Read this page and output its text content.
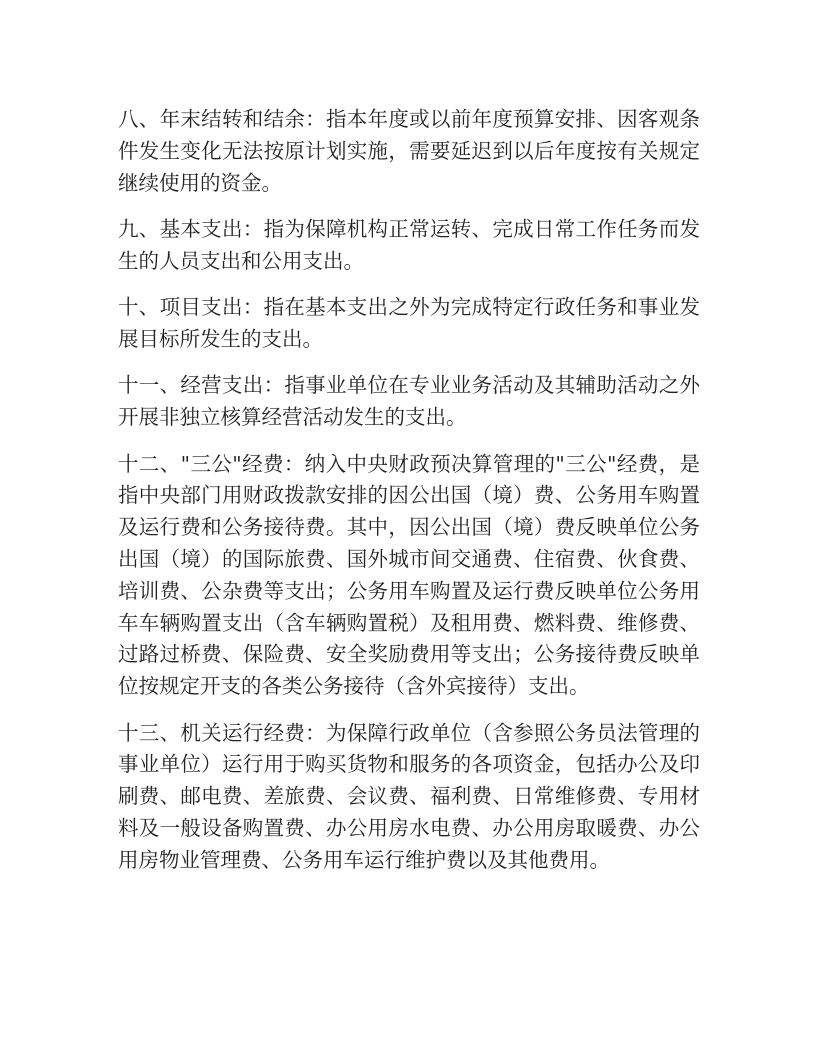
八、年末结转和结余：指本年度或以前年度预算安排、因客观条件发生变化无法按原计划实施，需要延迟到以后年度按有关规定继续使用的资金。

九、基本支出：指为保障机构正常运转、完成日常工作任务而发生的人员支出和公用支出。

十、项目支出：指在基本支出之外为完成特定行政任务和事业发展目标所发生的支出。

十一、经营支出：指事业单位在专业业务活动及其辅助活动之外开展非独立核算经营活动发生的支出。

十二、"三公"经费：纳入中央财政预决算管理的"三公"经费，是指中央部门用财政拨款安排的因公出国（境）费、公务用车购置及运行费和公务接待费。其中，因公出国（境）费反映单位公务出国（境）的国际旅费、国外城市间交通费、住宿费、伙食费、培训费、公杂费等支出；公务用车购置及运行费反映单位公务用车车辆购置支出（含车辆购置税）及租用费、燃料费、维修费、过路过桥费、保险费、安全奖励费用等支出；公务接待费反映单位按规定开支的各类公务接待（含外宾接待）支出。

十三、机关运行经费：为保障行政单位（含参照公务员法管理的事业单位）运行用于购买货物和服务的各项资金，包括办公及印刷费、邮电费、差旅费、会议费、福利费、日常维修费、专用材料及一般设备购置费、办公用房水电费、办公用房取暖费、办公用房物业管理费、公务用车运行维护费以及其他费用。
